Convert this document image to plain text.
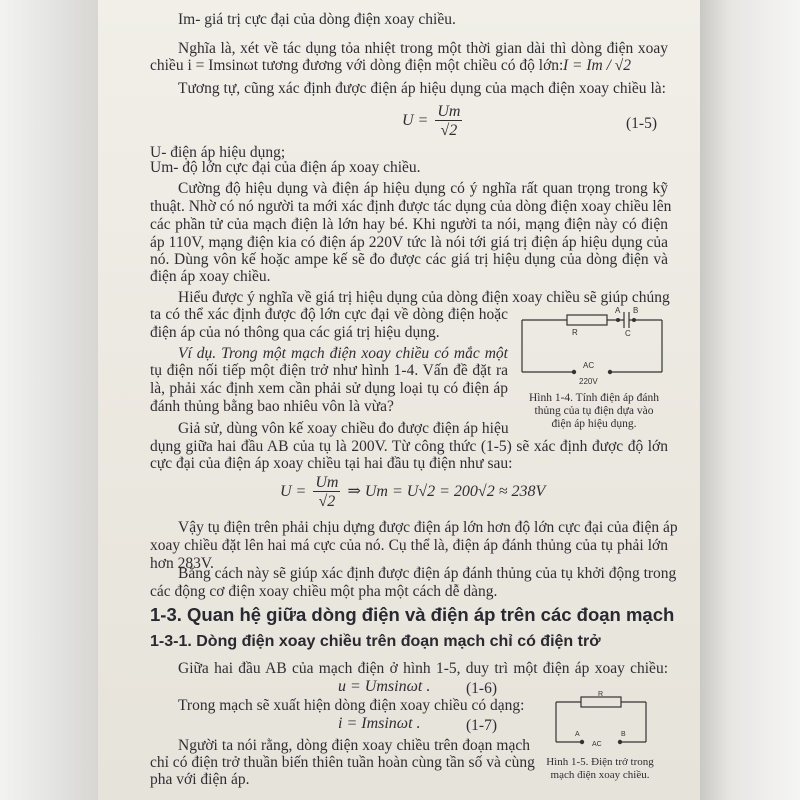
Im- giá trị cực đại của dòng điện xoay chiều.
Nghĩa là, xét về tác dụng tỏa nhiệt trong một thời gian dài thì dòng điện xoay
chiều i = Imsinωt tương đương với dòng điện một chiều có độ lớn: I = Im / √2
Tương tự, cũng xác định được điện áp hiệu dụng của mạch điện xoay chiều là:
$U = \frac{Um}{√2}$	(1-5)
U- điện áp hiệu dụng;
Um- độ lớn cực đại của điện áp xoay chiều.
Cường độ hiệu dụng và điện áp hiệu dụng có ý nghĩa rất quan trọng trong kỹ
thuật. Nhờ có nó người ta mới xác định được tác dụng của dòng điện xoay chiều lên
các phần tử của mạch điện là lớn hay bé. Khi người ta nói, mạng điện này có điện
áp 110V, mạng điện kia có điện áp 220V tức là nói tới giá trị điện áp hiệu dụng của
nó. Dùng vôn kế hoặc ampe kế sẽ đo được các giá trị hiệu dụng của dòng điện và
điện áp xoay chiều.
Hiểu được ý nghĩa về giá trị hiệu dụng của dòng điện xoay chiều sẽ giúp chúng
ta có thể xác định được độ lớn cực đại về dòng điện hoặc
điện áp của nó thông qua các giá trị hiệu dụng.
Ví dụ. Trong một mạch điện xoay chiều có mắc một
tụ điện nối tiếp một điện trở như hình 1-4. Vấn đề đặt ra
là, phải xác định xem cần phải sử dụng loại tụ có điện áp
đánh thủng bằng bao nhiêu vôn là vừa?
R
A B
C
AC
220V
Hình 1-4. Tính điện áp đánh
thủng của tụ điện dựa vào
điện áp hiệu dụng.
Giả sử, dùng vôn kế xoay chiều đo được điện áp hiệu
dụng giữa hai đầu AB của tụ là 200V. Từ công thức (1-5) sẽ xác định được độ lớn
cực đại của điện áp xoay chiều tại hai đầu tụ điện như sau:
$U = \frac{Um}{√2}$ ⇒ Um = U√2 = 200√2 ≈ 238V
Vậy tụ điện trên phải chịu dựng được điện áp lớn hơn độ lớn cực đại của điện áp
xoay chiều đặt lên hai má cực của nó. Cụ thể là, điện áp đánh thủng của tụ phải lớn
hơn 283V.
Bằng cách này sẽ giúp xác định được điện áp đánh thủng của tụ khởi động trong
các động cơ điện xoay chiều một pha một cách dễ dàng.
1-3. Quan hệ giữa dòng điện và điện áp trên các đoạn mạch
1-3-1. Dòng điện xoay chiều trên đoạn mạch chỉ có điện trở
Giữa hai đầu AB của mạch điện ở hình 1-5, duy trì một điện áp xoay chiều:
u = Umsinωt . (1-6)
Trong mạch sẽ xuất hiện dòng điện xoay chiều có dạng:
i = Imsinωt .	(1-7)
Người ta nói rằng, dòng điện xoay chiều trên đoạn mạch
chỉ có điện trở thuần biến thiên tuần hoàn cùng tần số và cùng
pha với điện áp.
R
A	B
AC
Hình 1-5. Điện trở trong
mạch điện xoay chiều.
